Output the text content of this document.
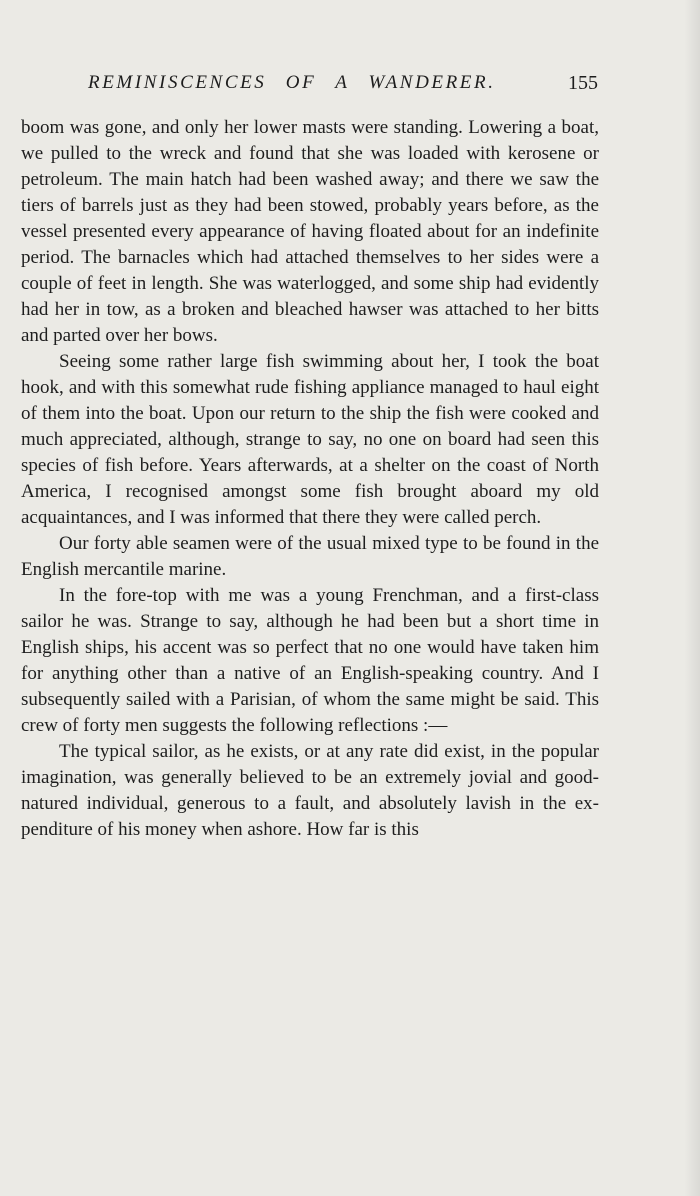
REMINISCENCES OF A WANDERER.	155

boom was gone, and only her lower masts were standing. Lowering a boat, we pulled to the wreck and found that she was loaded with kerosene or petroleum. The main hatch had been washed away; and there we saw the tiers of barrels just as they had been stowed, probably years before, as the vessel presented every appearance of having floated about for an indefinite period. The barnacles which had attached themselves to her sides were a couple of feet in length. She was waterlogged, and some ship had evidently had her in tow, as a broken and bleached hawser was attached to her bitts and parted over her bows.

Seeing some rather large fish swimming about her, I took the boat hook, and with this somewhat rude fishing appliance managed to haul eight of them into the boat. Upon our return to the ship the fish were cooked and much appreciated, although, strange to say, no one on board had seen this species of fish before. Years afterwards, at a shelter on the coast of North America, I recognised amongst some fish brought aboard my old acquaintances, and I was informed that there they were called perch.

Our forty able seamen were of the usual mixed type to be found in the English mercantile marine.

In the fore-top with me was a young Frenchman, and a first-class sailor he was. Strange to say, although he had been but a short time in English ships, his accent was so perfect that no one would have taken him for anything other than a native of an English-speaking country. And I subsequently sailed with a Parisian, of whom the same might be said. This crew of forty men suggests the following reflections :—

The typical sailor, as he exists, or at any rate did exist, in the popular imagination, was generally believed to be an extremely jovial and good-natured individual, generous to a fault, and absolutely lavish in the expenditure of his money when ashore. How far is this
